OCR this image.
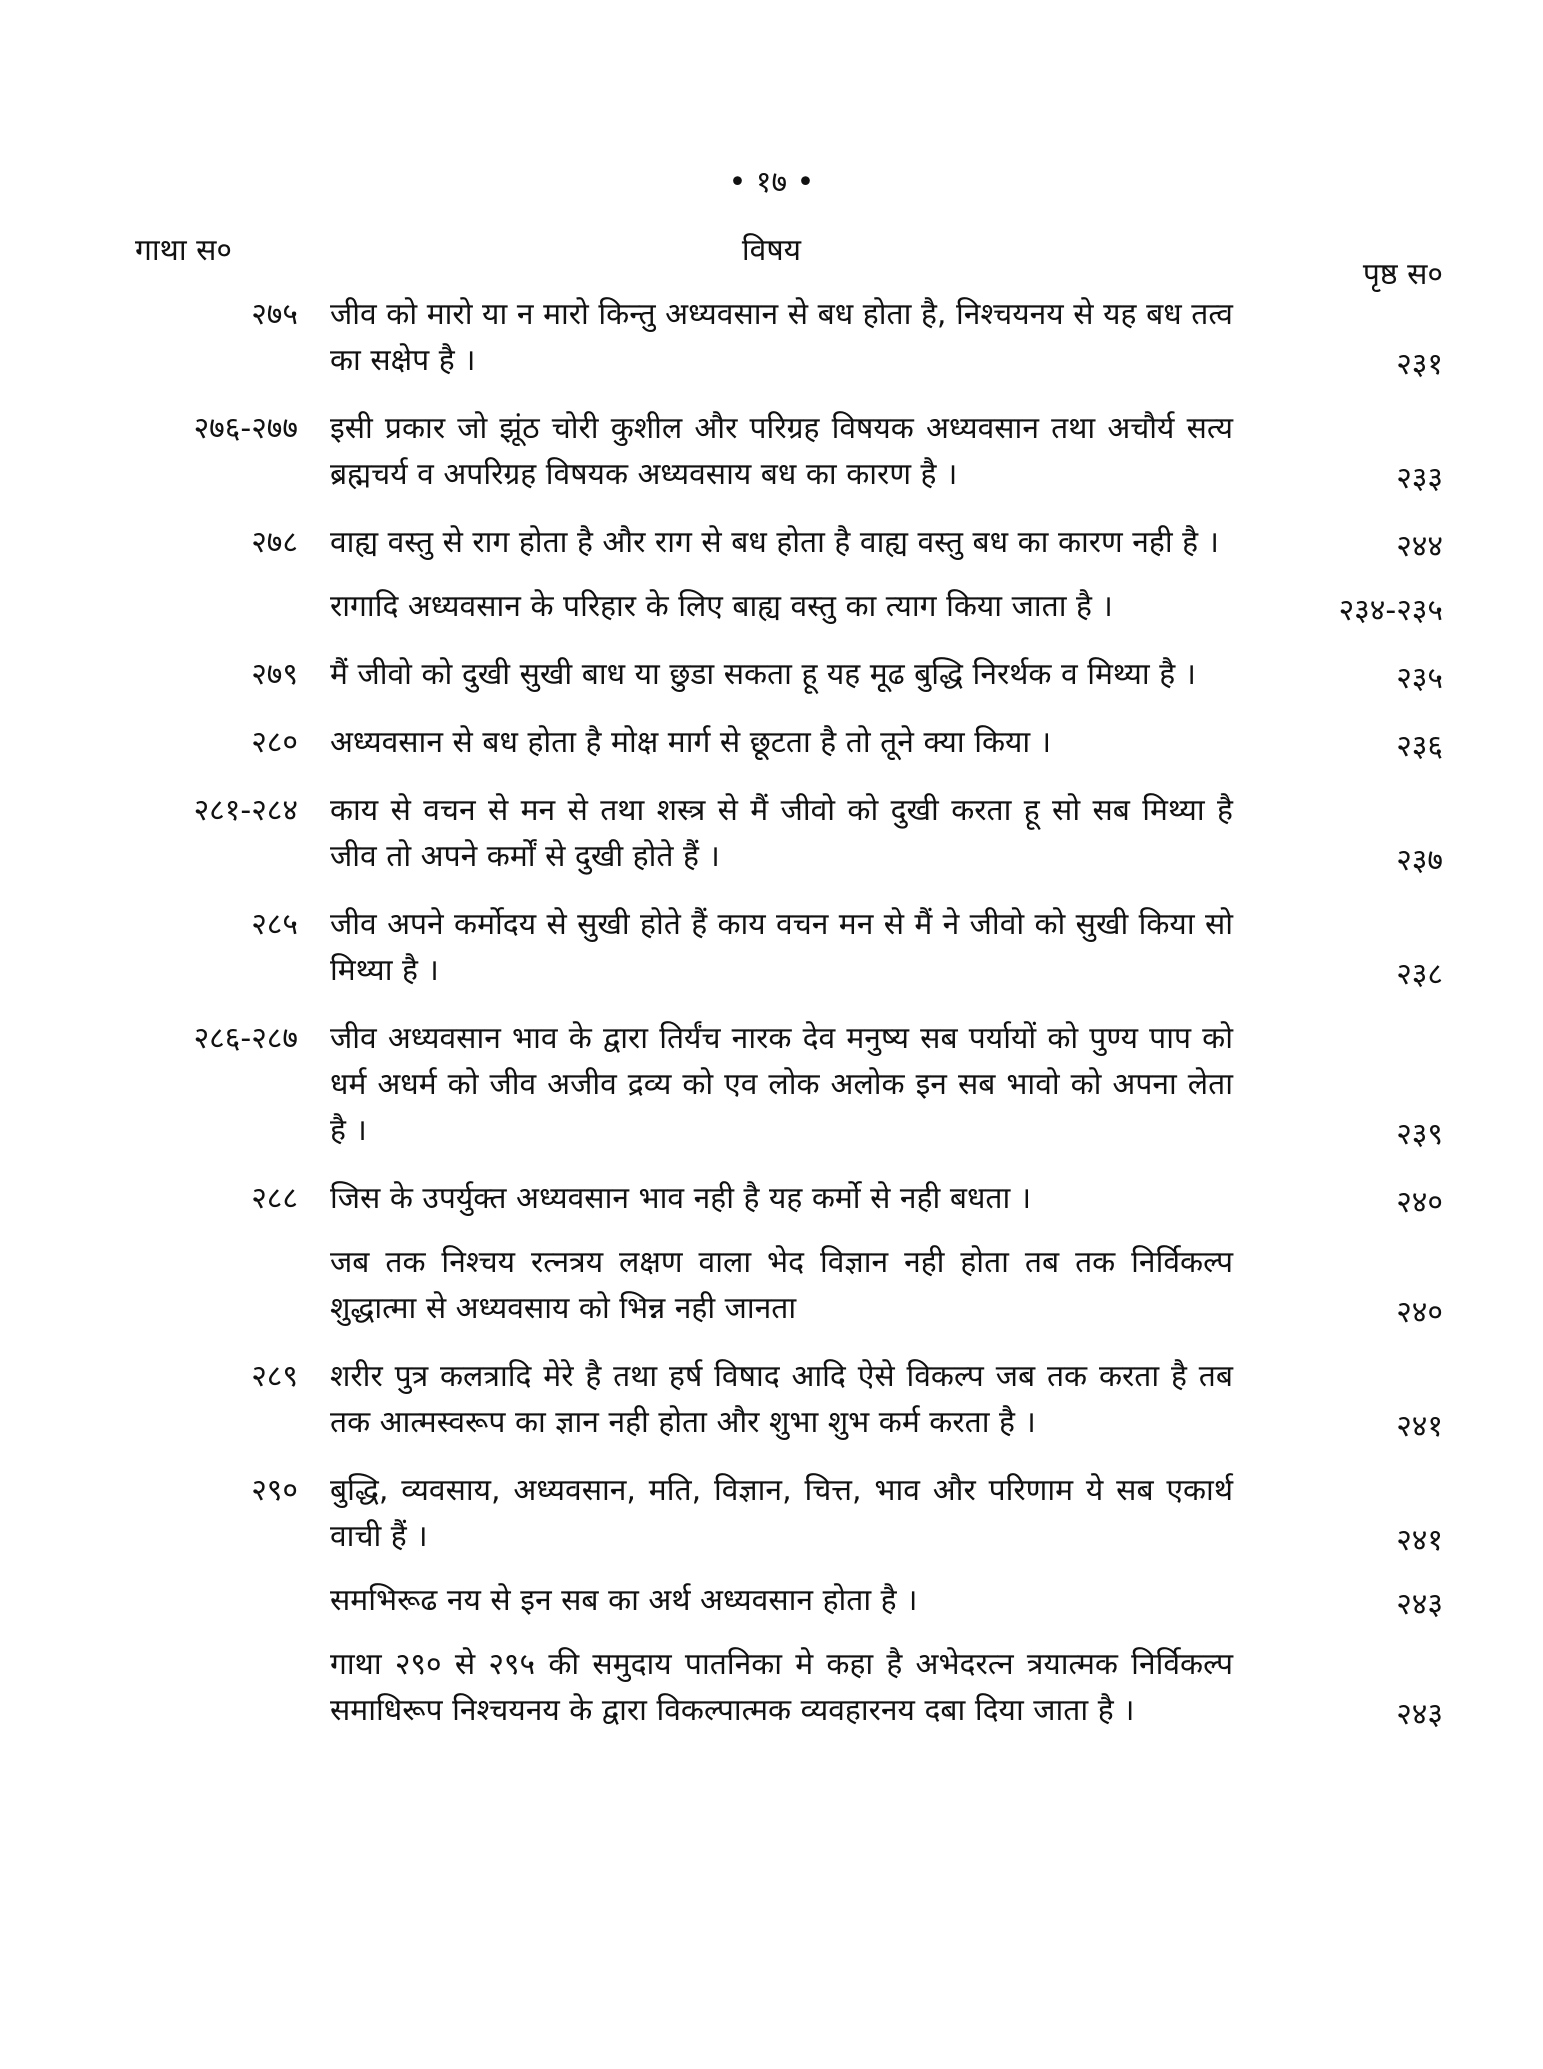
• १७ •
गाथा स०	विषय
पृष्ठ स०
२७५ जीव को मारो या न मारो किन्तु अध्यवसान से बध होता है, निश्चयनय से यह बध तत्व का सक्षेप है ।	२३१
२७६-२७७ इसी प्रकार जो झूंठ चोरी कुशील और परिग्रह विषयक अध्यवसान तथा अचौर्य सत्य ब्रह्मचर्य व अपरिग्रह विषयक अध्यवसाय बध का कारण है ।	२३३
२७८ वाह्य वस्तु से राग होता है और राग से बध होता है वाह्य वस्तु बध का कारण नही है ।	२४४
रागादि अध्यवसान के परिहार के लिए बाह्य वस्तु का त्याग किया जाता है ।	२३४-२३५
२७९ मैं जीवो को दुखी सुखी बाध या छुडा सकता हू यह मूढ बुद्धि निरर्थक व मिथ्या है ।	२३५
२८० अध्यवसान से बध होता है मोक्ष मार्ग से छूटता है तो तूने क्या किया ।	२३६
२८१-२८४ काय से वचन से मन से तथा शस्त्र से मैं जीवो को दुखी करता हू सो सब मिथ्या है जीव तो अपने कर्मों से दुखी होते हैं ।	२३७
२८५ जीव अपने कर्मोदय से सुखी होते हैं काय वचन मन से मैं ने जीवो को सुखी किया सो मिथ्या है ।	२३८
२८६-२८७ जीव अध्यवसान भाव के द्वारा तिर्यंच नारक देव मनुष्य सब पर्यायों को पुण्य पाप को धर्म अधर्म को जीव अजीव द्रव्य को एव लोक अलोक इन सब भावो को अपना लेता है ।	२३९
२८८ जिस के उपर्युक्त अध्यवसान भाव नही है यह कर्मो से नही बधता ।	२४०
जब तक निश्चय रत्नत्रय लक्षण वाला भेद विज्ञान नही होता तब तक निर्विकल्प शुद्धात्मा से अध्यवसाय को भिन्न नही जानता	२४०
२८९ शरीर पुत्र कलत्रादि मेरे है तथा हर्ष विषाद आदि ऐसे विकल्प जब तक करता है तब तक आत्मस्वरूप का ज्ञान नही होता और शुभा शुभ कर्म करता है ।	२४१
२९० बुद्धि, व्यवसाय, अध्यवसान, मति, विज्ञान, चित्त, भाव और परिणाम ये सब एकार्थ वाची हैं ।	२४१
समभिरूढ नय से इन सब का अर्थ अध्यवसान होता है ।	२४३
गाथा २९० से २९५ की समुदाय पातनिका मे कहा है अभेदरत्न त्रयात्मक निर्विकल्प समाधिरूप निश्चयनय के द्वारा विकल्पात्मक व्यवहारनय दबा दिया जाता है ।	२४३
